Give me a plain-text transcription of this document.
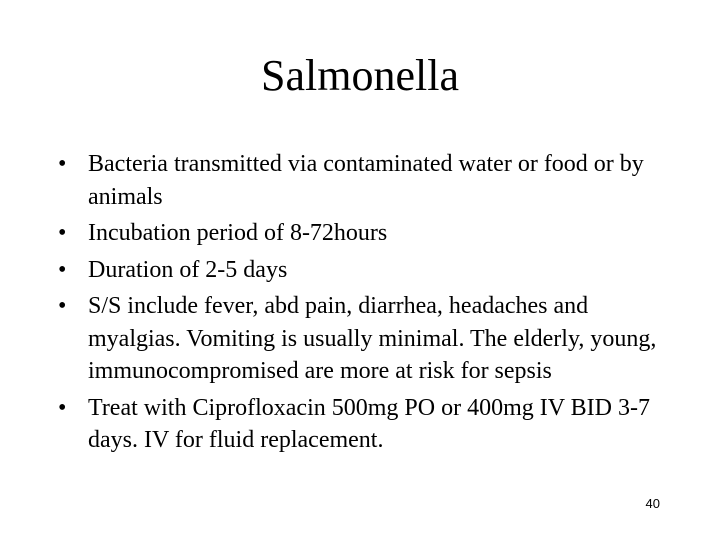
Salmonella
• Bacteria transmitted via contaminated water or food or by animals
• Incubation period of 8-72hours
• Duration of 2-5 days
• S/S include fever, abd pain, diarrhea, headaches and myalgias. Vomiting is usually minimal. The elderly, young, immunocompromised are more at risk for sepsis
• Treat with Ciprofloxacin 500mg PO or 400mg IV BID 3-7 days. IV for fluid replacement.
40
